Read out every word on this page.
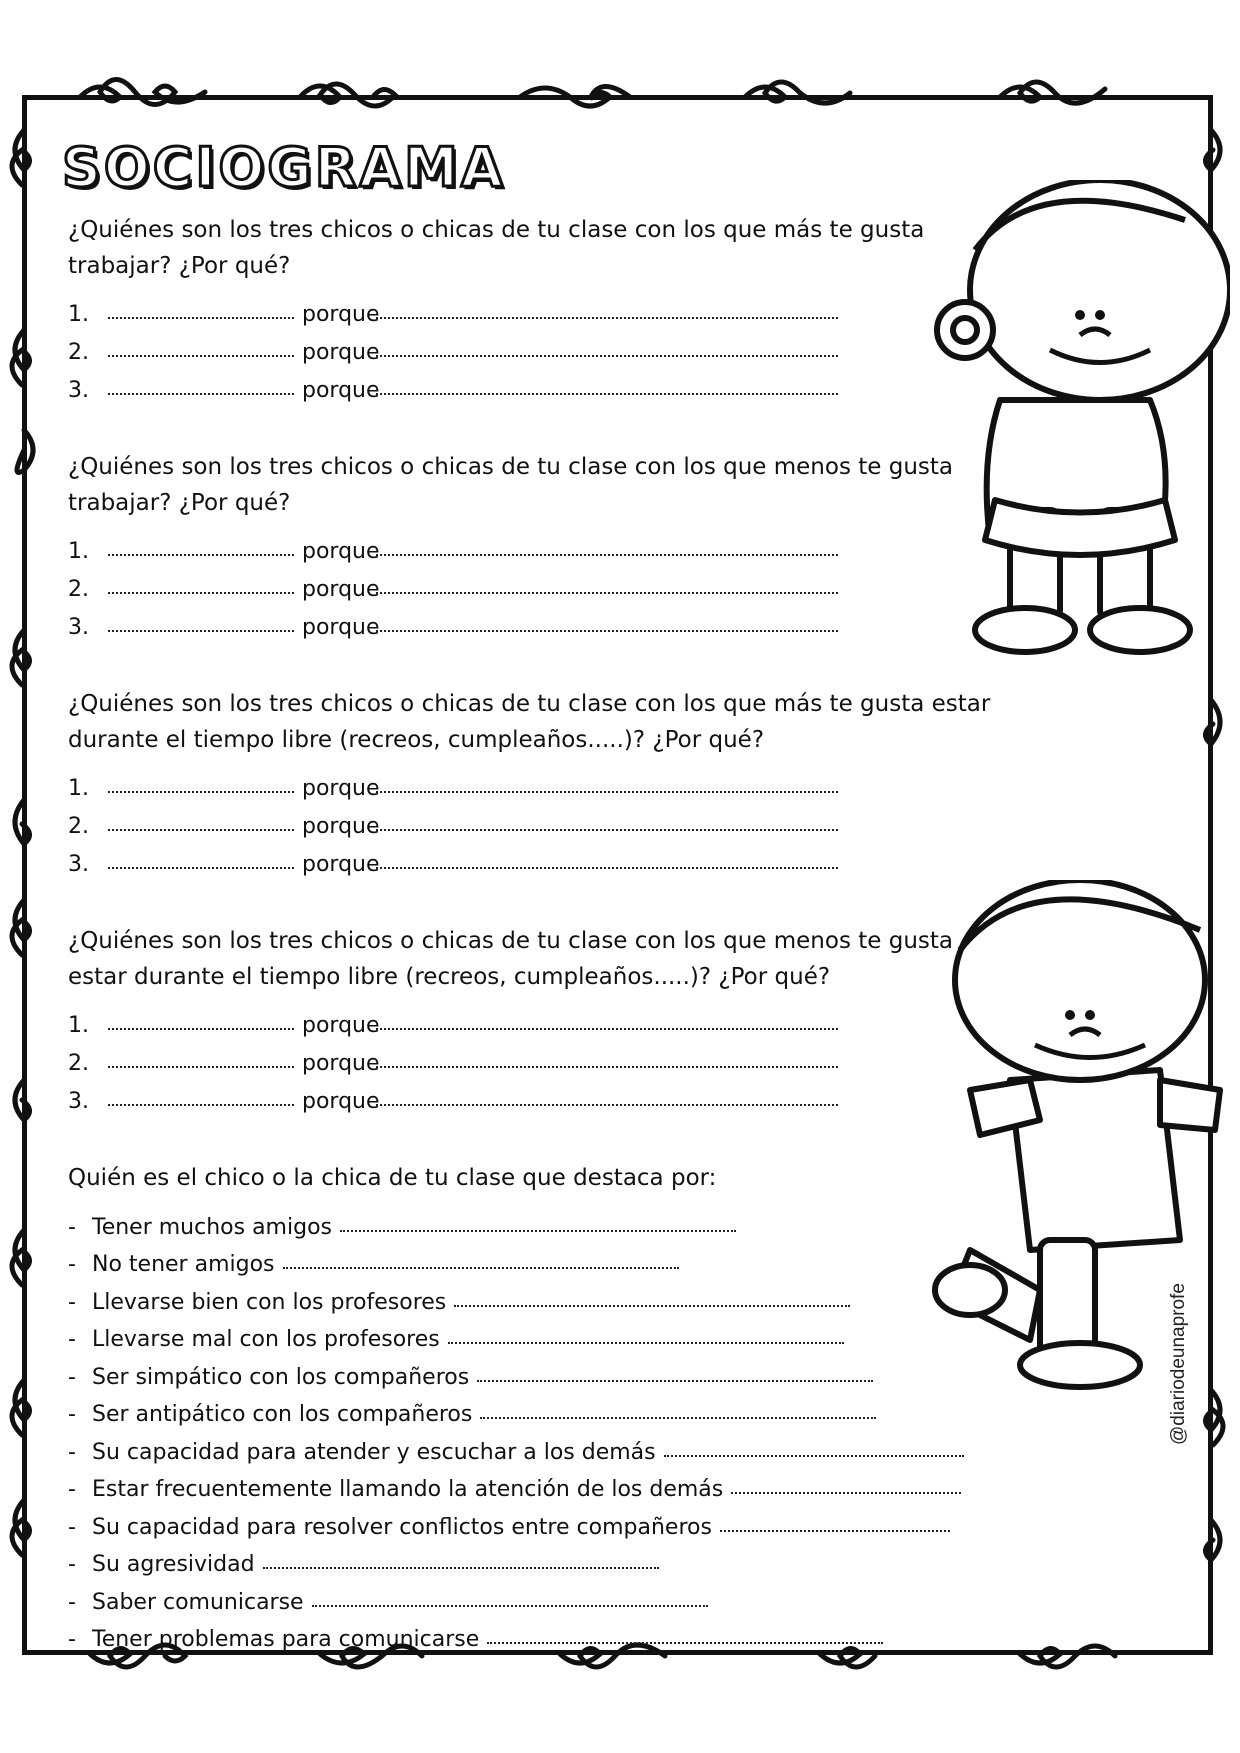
SOCIOGRAMA

¿Quiénes son los tres chicos o chicas de tu clase con los que más te gusta trabajar? ¿Por qué?

1.	porque
2.	porque
3.	porque

¿Quiénes son los tres chicos o chicas de tu clase con los que menos te gusta trabajar? ¿Por qué?

1.	porque
2.	porque
3.	porque

¿Quiénes son los tres chicos o chicas de tu clase con los que más te gusta estar durante el tiempo libre (recreos, cumpleaños.....)? ¿Por qué?

1.	porque
2.	porque
3.	porque

¿Quiénes son los tres chicos o chicas de tu clase con los que menos te gusta estar durante el tiempo libre (recreos, cumpleaños.....)? ¿Por qué?

1.	porque
2.	porque
3.	porque

Quién es el chico o la chica de tu clase que destaca por:

- Tener muchos amigos
- No tener amigos
- Llevarse bien con los profesores
- Llevarse mal con los profesores
- Ser simpático con los compañeros
- Ser antipático con los compañeros
- Su capacidad para atender y escuchar a los demás
- Estar frecuentemente llamando la atención de los demás
- Su capacidad para resolver conflictos entre compañeros
- Su agresividad
- Saber comunicarse
- Tener problemas para comunicarse
@diariodeunaprofe
